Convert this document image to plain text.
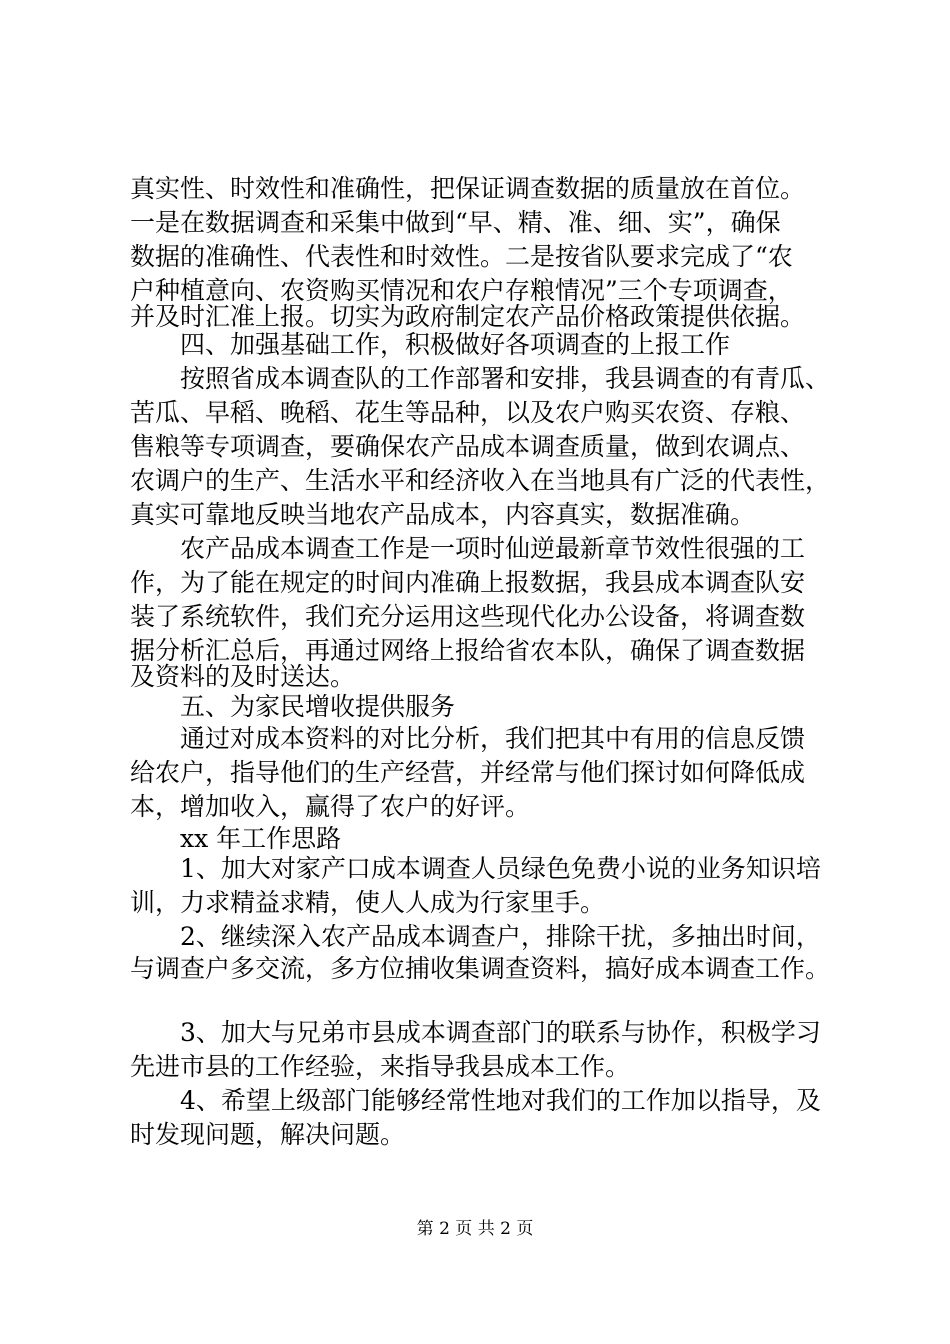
真实性、时效性和准确性，把保证调查数据的质量放在首位。
一是在数据调查和采集中做到“早、精、准、细、实”，确保
数据的准确性、代表性和时效性。二是按省队要求完成了“农
户种植意向、农资购买情况和农户存粮情况”三个专项调查，
并及时汇准上报。切实为政府制定农产品价格政策提供依据。
　　四、加强基础工作，积极做好各项调查的上报工作
　　按照省成本调查队的工作部署和安排，我县调查的有青瓜、
苦瓜、早稻、晚稻、花生等品种，以及农户购买农资、存粮、
售粮等专项调查，要确保农产品成本调查质量，做到农调点、
农调户的生产、生活水平和经济收入在当地具有广泛的代表性，
真实可靠地反映当地农产品成本，内容真实，数据准确。
　　农产品成本调查工作是一项时仙逆最新章节效性很强的工
作，为了能在规定的时间内准确上报数据，我县成本调查队安
装了系统软件，我们充分运用这些现代化办公设备，将调查数
据分析汇总后，再通过网络上报给省农本队，确保了调查数据
及资料的及时送达。
　　五、为家民增收提供服务
　　通过对成本资料的对比分析，我们把其中有用的信息反馈
给农户，指导他们的生产经营，并经常与他们探讨如何降低成
本，增加收入，赢得了农户的好评。
　　xx 年工作思路
　　1、加大对家产口成本调查人员绿色免费小说的业务知识培
训，力求精益求精，使人人成为行家里手。
　　2、继续深入农产品成本调查户，排除干扰，多抽出时间，
与调查户多交流，多方位捕收集调查资料，搞好成本调查工作。
　　3、加大与兄弟市县成本调查部门的联系与协作，积极学习
先进市县的工作经验，来指导我县成本工作。
　　4、希望上级部门能够经常性地对我们的工作加以指导，及
时发现问题，解决问题。
第 2 页 共 2 页
